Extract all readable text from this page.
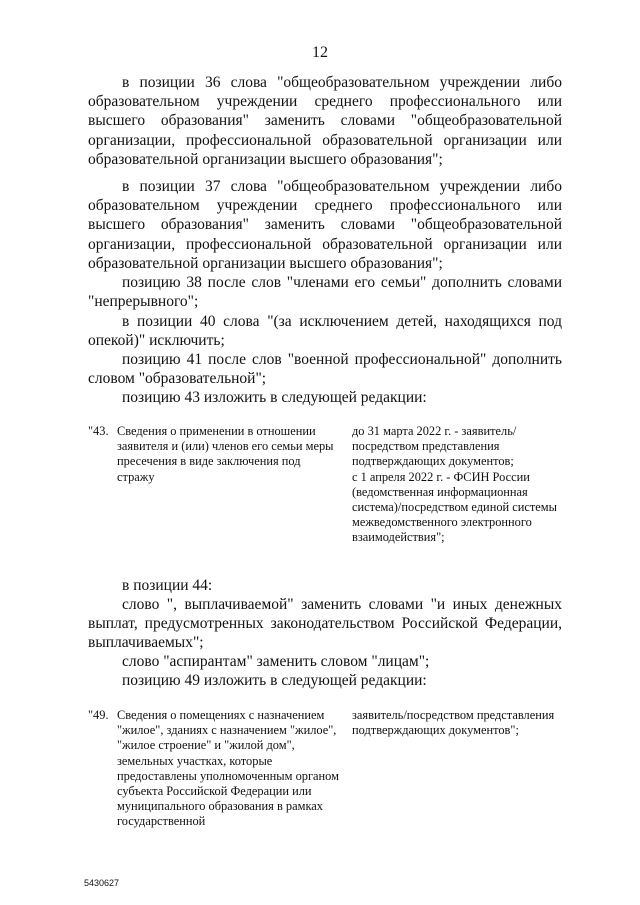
12
в позиции 36 слова "общеобразовательном учреждении либо образовательном учреждении среднего профессионального или высшего образования" заменить словами "общеобразовательной организации, профессиональной образовательной организации или образовательной организации высшего образования";
в позиции 37 слова "общеобразовательном учреждении либо образовательном учреждении среднего профессионального или высшего образования" заменить словами "общеобразовательной организации, профессиональной образовательной организации или образовательной организации высшего образования";
позицию 38 после слов "членами его семьи" дополнить словами "непрерывного";
в позиции 40 слова "(за исключением детей, находящихся под опекой)" исключить;
позицию 41 после слов "военной профессиональной" дополнить словом "образовательной";
позицию 43 изложить в следующей редакции:
"43. Сведения о применении в отношении заявителя и (или) членов его семьи меры пресечения в виде заключения под стражу
до 31 марта 2022 г. - заявитель/посредством представления подтверждающих документов;
с 1 апреля 2022 г. - ФСИН России (ведомственная информационная система)/посредством единой системы межведомственного электронного взаимодействия";
в позиции 44:
слово ", выплачиваемой" заменить словами "и иных денежных выплат, предусмотренных законодательством Российской Федерации, выплачиваемых";
слово "аспирантам" заменить словом "лицам";
позицию 49 изложить в следующей редакции:
"49. Сведения о помещениях с назначением "жилое", зданиях с назначением "жилое", "жилое строение" и "жилой дом", земельных участках, которые предоставлены уполномоченным органом субъекта Российской Федерации или муниципального образования в рамках государственной
заявитель/посредством представления подтверждающих документов";
5430627
